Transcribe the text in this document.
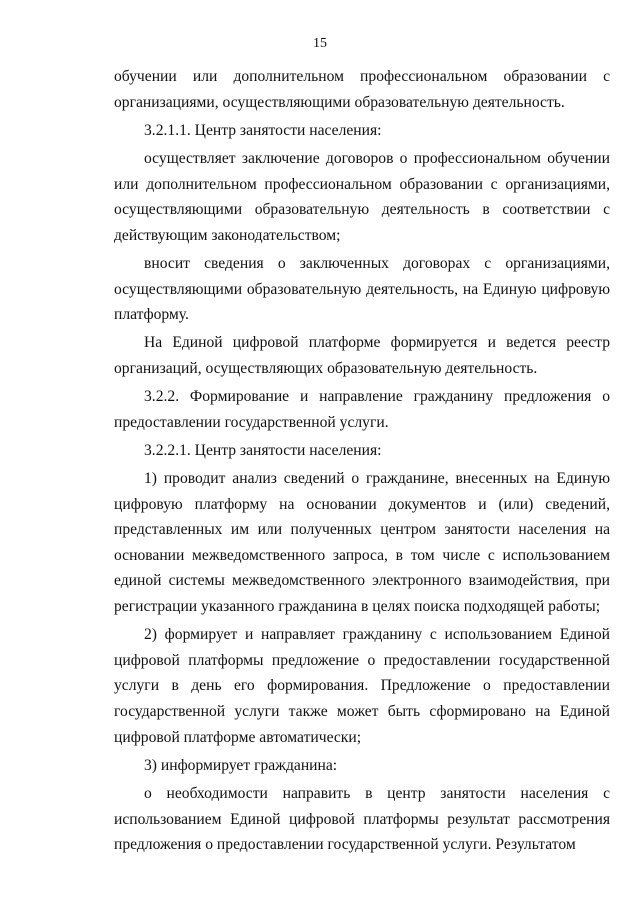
15

обучении или дополнительном профессиональном образовании с организациями, осуществляющими образовательную деятельность.

3.2.1.1. Центр занятости населения:

осуществляет заключение договоров о профессиональном обучении или дополнительном профессиональном образовании с организациями, осуществляющими образовательную деятельность в соответствии с действующим законодательством;

вносит сведения о заключенных договорах с организациями, осуществляющими образовательную деятельность, на Единую цифровую платформу.

На Единой цифровой платформе формируется и ведется реестр организаций, осуществляющих образовательную деятельность.

3.2.2. Формирование и направление гражданину предложения о предоставлении государственной услуги.

3.2.2.1. Центр занятости населения:

1) проводит анализ сведений о гражданине, внесенных на Единую цифровую платформу на основании документов и (или) сведений, представленных им или полученных центром занятости населения на основании межведомственного запроса, в том числе с использованием единой системы межведомственного электронного взаимодействия, при регистрации указанного гражданина в целях поиска подходящей работы;

2) формирует и направляет гражданину с использованием Единой цифровой платформы предложение о предоставлении государственной услуги в день его формирования. Предложение о предоставлении государственной услуги также может быть сформировано на Единой цифровой платформе автоматически;

3) информирует гражданина:

о необходимости направить в центр занятости населения с использованием Единой цифровой платформы результат рассмотрения предложения о предоставлении государственной услуги. Результатом
